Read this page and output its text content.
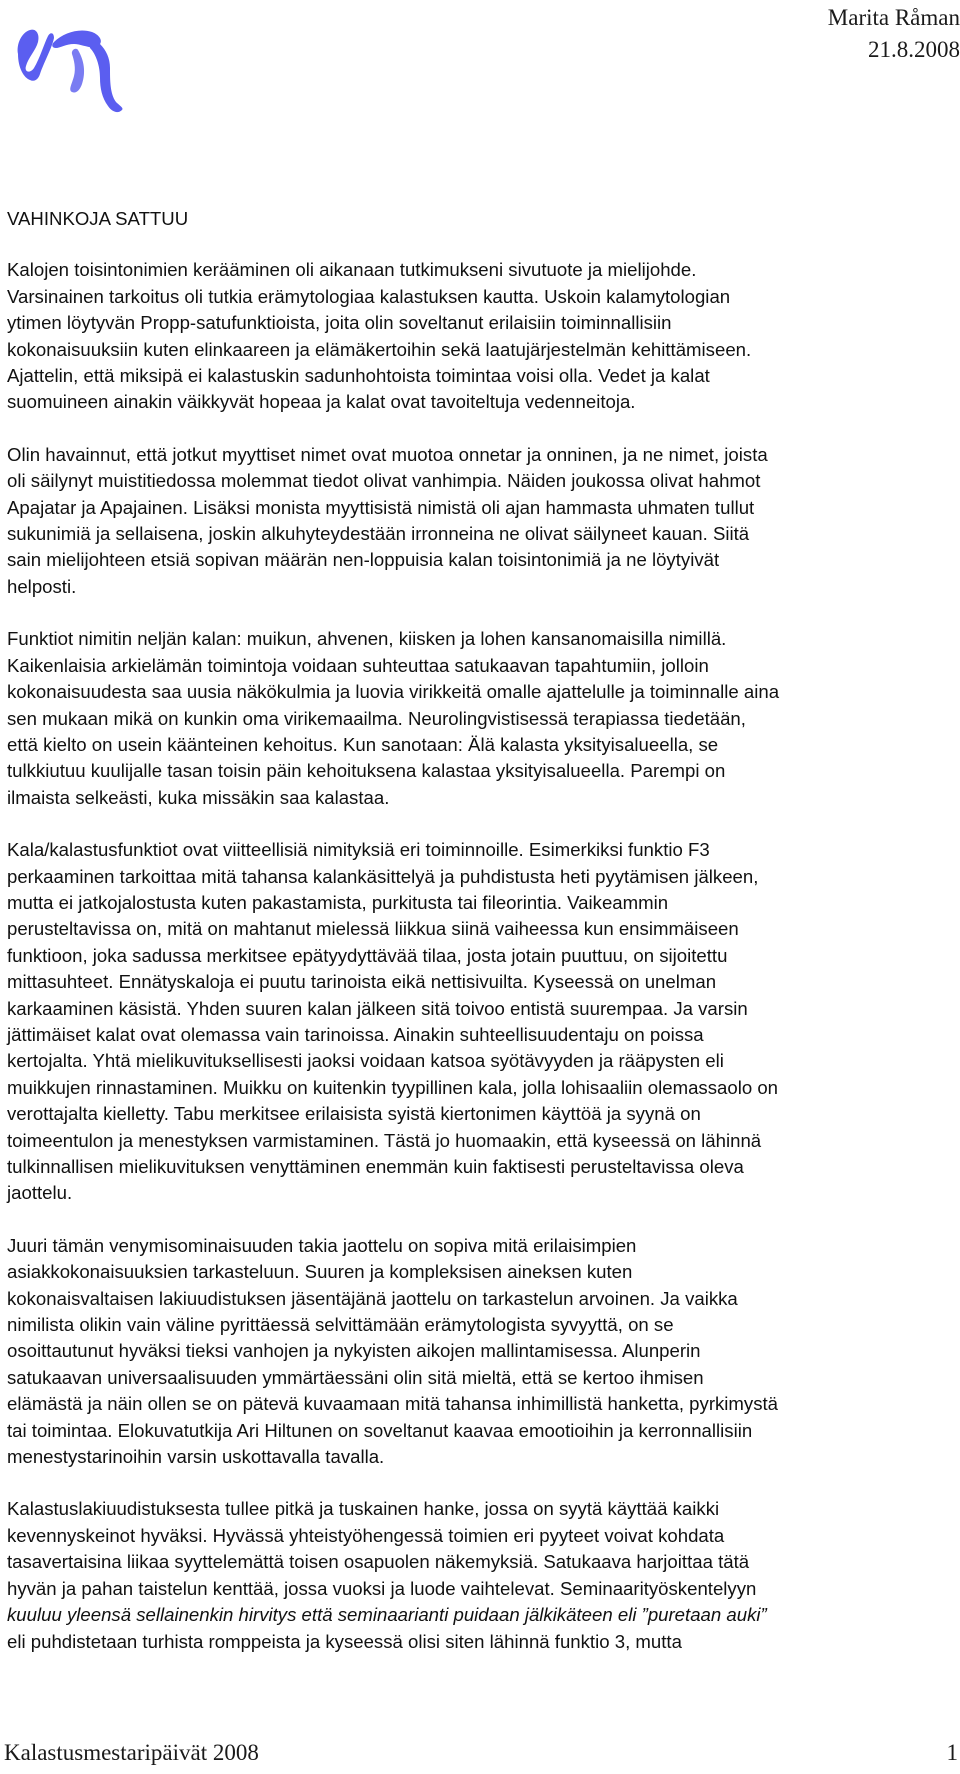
Marita Råman
21.8.2008
VAHINKOJA SATTUU
Kalojen toisintonimien kerääminen oli aikanaan tutkimukseni sivutuote ja mielijohde.
Varsinainen tarkoitus oli tutkia erämytologiaa kalastuksen kautta. Uskoin kalamytologian
ytimen löytyvän Propp-satufunktioista, joita olin soveltanut erilaisiin toiminnallisiin
kokonaisuuksiin kuten elinkaareen ja elämäkertoihin sekä laatujärjestelmän kehittämiseen.
Ajattelin, että miksipä ei kalastuskin sadunhohtoista toimintaa voisi olla. Vedet ja kalat
suomuineen ainakin väikkyvät hopeaa ja kalat ovat tavoiteltuja vedenneitoja.
Olin havainnut, että jotkut myyttiset nimet ovat muotoa onnetar ja onninen, ja ne nimet, joista
oli säilynyt muistitiedossa molemmat tiedot olivat vanhimpia. Näiden joukossa olivat hahmot
Apajatar ja Apajainen. Lisäksi monista myyttisistä nimistä oli ajan hammasta uhmaten tullut
sukunimiä ja sellaisena, joskin alkuhyteydestään irronneina ne olivat säilyneet kauan. Siitä
sain mielijohteen etsiä sopivan määrän nen-loppuisia kalan toisintonimiä ja ne löytyivät
helposti.
Funktiot nimitin neljän kalan: muikun, ahvenen, kiisken ja lohen kansanomaisilla nimillä.
Kaikenlaisia arkielämän toimintoja voidaan suhteuttaa satukaavan tapahtumiin, jolloin
kokonaisuudesta saa uusia näkökulmia ja luovia virikkeitä omalle ajattelulle ja toiminnalle aina
sen mukaan mikä on kunkin oma virikemaailma. Neurolingvistisessä terapiassa tiedetään,
että kielto on usein käänteinen kehoitus. Kun sanotaan: Älä kalasta yksityisalueella, se
tulkkiutuu kuulijalle tasan toisin päin kehoituksena kalastaa yksityisalueella. Parempi on
ilmaista selkeästi, kuka missäkin saa kalastaa.
Kala/kalastusfunktiot ovat viitteellisiä nimityksiä eri toiminnoille. Esimerkiksi funktio F3
perkaaminen tarkoittaa mitä tahansa kalankäsittelyä ja puhdistusta heti pyytämisen jälkeen,
mutta ei jatkojalostusta kuten pakastamista, purkitusta tai fileorintia. Vaikeammin
perusteltavissa on, mitä on mahtanut mielessä liikkua siinä vaiheessa kun ensimmäiseen
funktioon, joka sadussa merkitsee epätyydyttävää tilaa, josta jotain puuttuu, on sijoitettu
mittasuhteet. Ennätyskaloja ei puutu tarinoista eikä nettisivuilta. Kyseessä on unelman
karkaaminen käsistä. Yhden suuren kalan jälkeen sitä toivoo entistä suurempaa. Ja varsin
jättimäiset kalat ovat olemassa vain tarinoissa. Ainakin suhteellisuudentaju on poissa
kertojalta. Yhtä mielikuvituksellisesti jaoksi voidaan katsoa syötävyyden ja rääpysten eli
muikkujen rinnastaminen. Muikku on kuitenkin tyypillinen kala, jolla lohisaaliin olemassaolo on
verottajalta kielletty. Tabu merkitsee erilaisista syistä kiertonimen käyttöä ja syynä on
toimeentulon ja menestyksen varmistaminen. Tästä jo huomaakin, että kyseessä on lähinnä
tulkinnallisen mielikuvituksen venyttäminen enemmän kuin faktisesti perusteltavissa oleva
jaottelu.
Juuri tämän venymisominaisuuden takia jaottelu on sopiva mitä erilaisimpien
asiakkokonaisuuksien tarkasteluun. Suuren ja kompleksisen aineksen kuten
kokonaisvaltaisen lakiuudistuksen jäsentäjänä jaottelu on tarkastelun arvoinen. Ja vaikka
nimilista olikin vain väline pyrittäessä selvittämään erämytologista syvyyttä, on se
osoittautunut hyväksi tieksi vanhojen ja nykyisten aikojen mallintamisessa. Alunperin
satukaavan universaalisuuden ymmärtäessäni olin sitä mieltä, että se kertoo ihmisen
elämästä ja näin ollen se on pätevä kuvaamaan mitä tahansa inhimillistä hanketta, pyrkimystä
tai toimintaa. Elokuvatutkija Ari Hiltunen on soveltanut kaavaa emootioihin ja kerronnallisiin
menestystarinoihin varsin uskottavalla tavalla.
Kalastuslakiuudistuksesta tullee pitkä ja tuskainen hanke, jossa on syytä käyttää kaikki
kevennyskeinot hyväksi. Hyvässä yhteistyöhengessä toimien eri pyyteet voivat kohdata
tasavertaisina liikaa syyttelemättä toisen osapuolen näkemyksiä. Satukaava harjoittaa tätä
hyvän ja pahan taistelun kenttää, jossa vuoksi ja luode vaihtelevat. Seminaarityöskentelyyn
kuuluu yleensä sellainenkin hirvitys että seminaarianti puidaan jälkikäteen eli ”puretaan auki”
eli puhdistetaan turhista romppeista ja kyseessä olisi siten lähinnä funktio 3, mutta
Kalastusmestaripäivät 2008	1
